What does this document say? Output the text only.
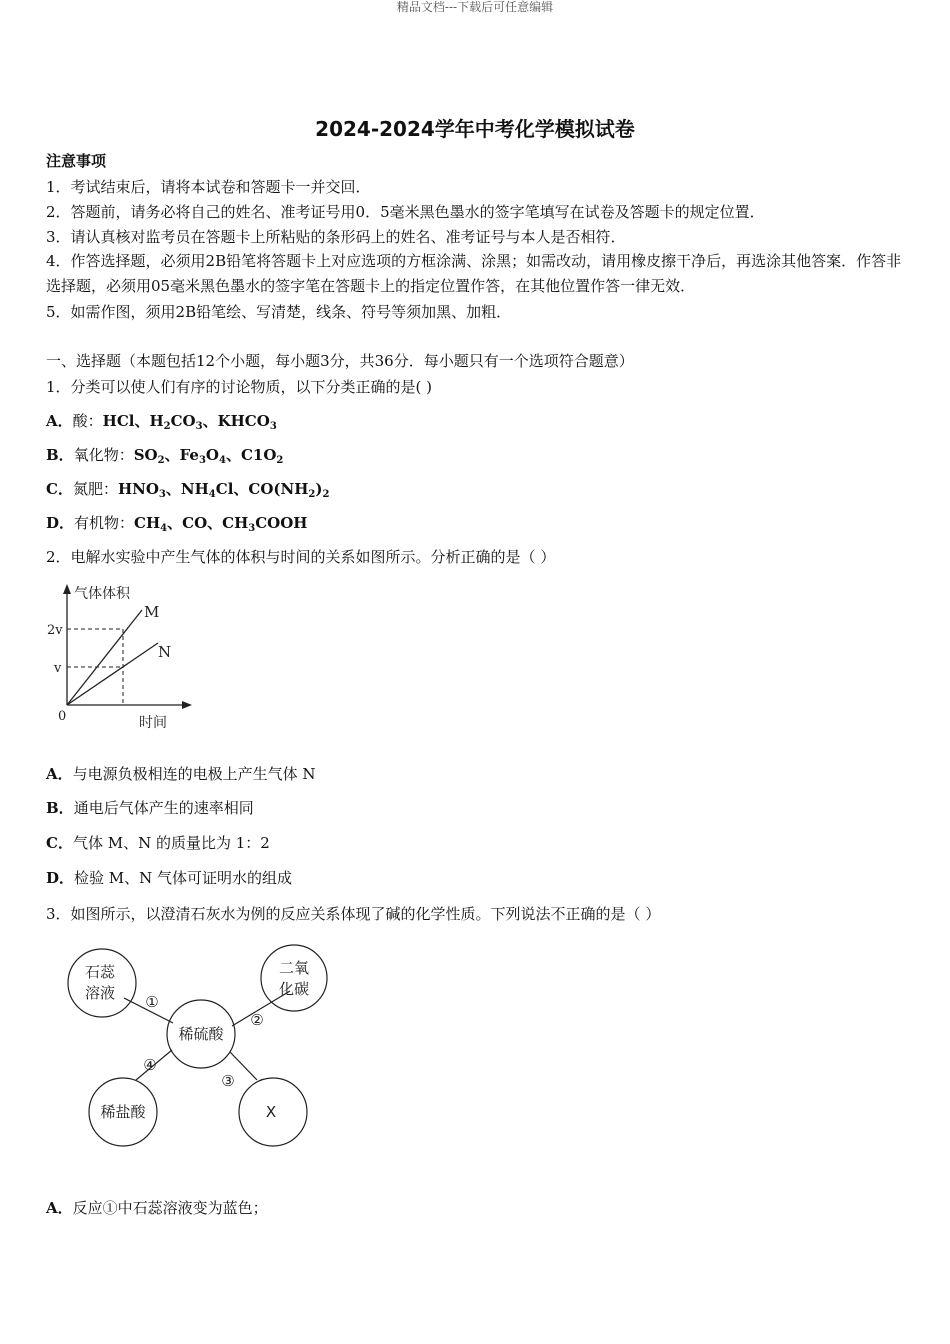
精品文档---下载后可任意编辑
2024-2024学年中考化学模拟试卷
注意事项
1．考试结束后，请将本试卷和答题卡一并交回．
2．答题前，请务必将自己的姓名、准考证号用0．5毫米黑色墨水的签字笔填写在试卷及答题卡的规定位置．
3．请认真核对监考员在答题卡上所粘贴的条形码上的姓名、准考证号与本人是否相符．
4．作答选择题，必须用2B铅笔将答题卡上对应选项的方框涂满、涂黑；如需改动，请用橡皮擦干净后，再选涂其他答案．作答非选择题，必须用05毫米黑色墨水的签字笔在答题卡上的指定位置作答，在其他位置作答一律无效．
5．如需作图，须用2B铅笔绘、写清楚，线条、符号等须加黑、加粗．
一、选择题（本题包括12个小题，每小题3分，共36分．每小题只有一个选项符合题意）
1．分类可以使人们有序的讨论物质，以下分类正确的是( )
A．酸：HCl、$H_2CO_3$、$KHCO_3$
B．氧化物：$SO_2$、$Fe_3O_4$、$C1O_2$
C．氮肥：$HNO_3$、$NH_4Cl$、$CO(NH_2)_2$
D．有机物：$CH_4$、CO、$CH_3COOH$
2．电解水实验中产生气体的体积与时间的关系如图所示。分析正确的是（ ）
气体体积
时间
0
2v
v
M
N
A．与电源负极相连的电极上产生气体 N
B．通电后气体产生的速率相同
C．气体 M、N 的质量比为 1：2
D．检验 M、N 气体可证明水的组成
3．如图所示，以澄清石灰水为例的反应关系体现了碱的化学性质。下列说法不正确的是（ ）
石蕊
溶液
二氧
化碳
稀硫酸
稀盐酸	X
①
②
③
④
A．反应①中石蕊溶液变为蓝色；
